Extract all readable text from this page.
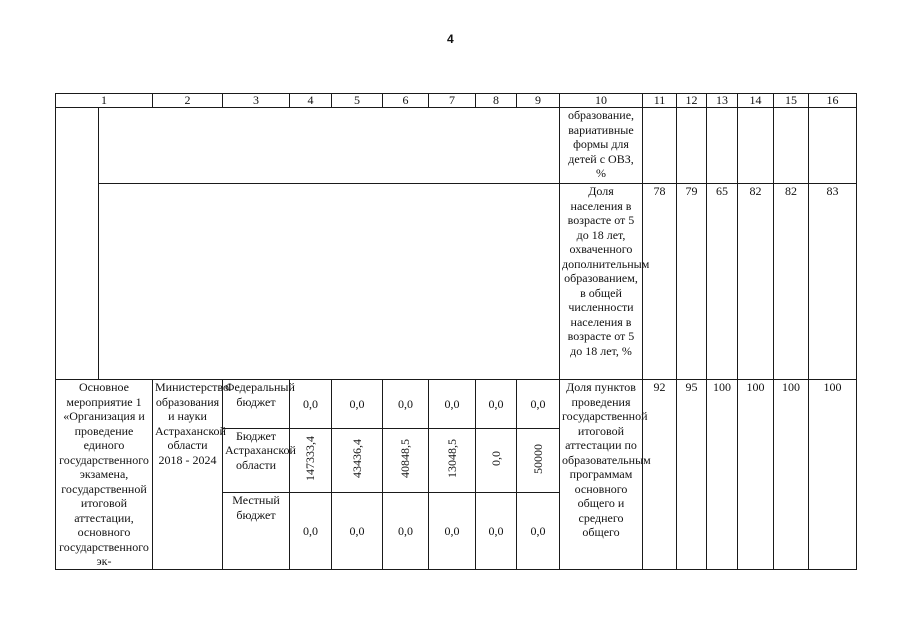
4
1		2	3	4	5	6	7	8	9	10	11	12	13	14	15	16
										образование, вариативные формы для детей с ОВЗ, %						
										Доля населения в возрасте от 5 до 18 лет, охваченного дополнительным образованием, в общей численности населения в возрасте от 5 до 18 лет, %	78	79	65	82	82	83
Основное мероприятие 1 «Организация и проведение единого государственного экзамена, государственной итоговой аттестации, основного государственного эк-		Министерство образования и науки Астраханской области 2018 - 2024	Федеральный бюджет	0,0	0,0	0,0	0,0	0,0	0,0	Доля пунктов проведения государственной итоговой аттестации по образовательным программам основного общего и среднего общего	92	95	100	100	100	100
			Бюджет Астраханской области	147333,4	43436,4	40848,5	13048,5	0,0	50000							
			Местный бюджет	0,0	0,0	0,0	0,0	0,0	0,0							
